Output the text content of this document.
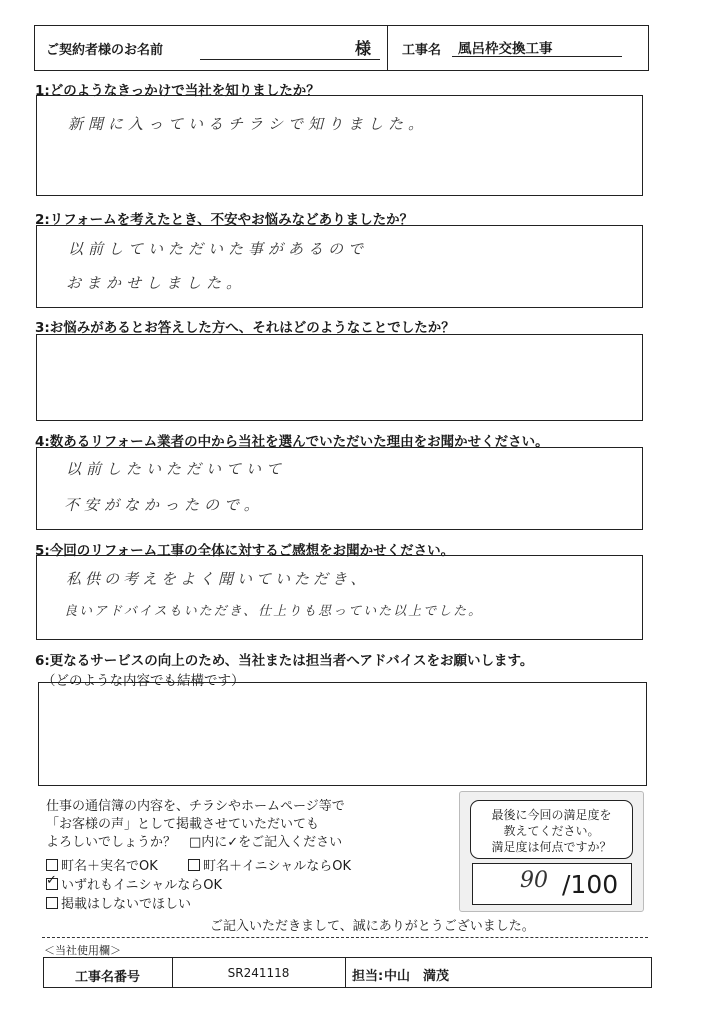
ご契約者様のお名前	様 工事名 風呂枠交換工事
1:どのようなきっかけで当社を知りましたか？
新聞に入っているチラシで知りました。
2:リフォームを考えたとき、不安やお悩みなどありましたか？
以前していただいた事があるので
おまかせしました。
3:お悩みがあるとお答えした方へ、それはどのようなことでしたか？
4:数あるリフォーム業者の中から当社を選んでいただいた理由をお聞かせください。
以前したいただいていて
不安がなかったので。
5:今回のリフォーム工事の全体に対するご感想をお聞かせください。
私供の考えをよく聞いていただき、
良いアドバイスもいただき、仕上りも思っていた以上でした。
6:更なるサービスの向上のため、当社または担当者へアドバイスをお願いします。
（どのような内容でも結構です）
仕事の通信簿の内容を、チラシやホームページ等で
「お客様の声」として掲載させていただいても
よろしいでしょうか？　□内に✓をご記入ください
町名＋実名でOK	町名＋イニシャルならOK
✓いずれもイニシャルならOK
掲載はしないでほしい
最後に今回の満足度を
教えてください。
満足度は何点ですか？
90 /100
ご記入いただきまして、誠にありがとうございました。
＜当社使用欄＞
工事名番号	SR241118	担当: 中山　満茂
